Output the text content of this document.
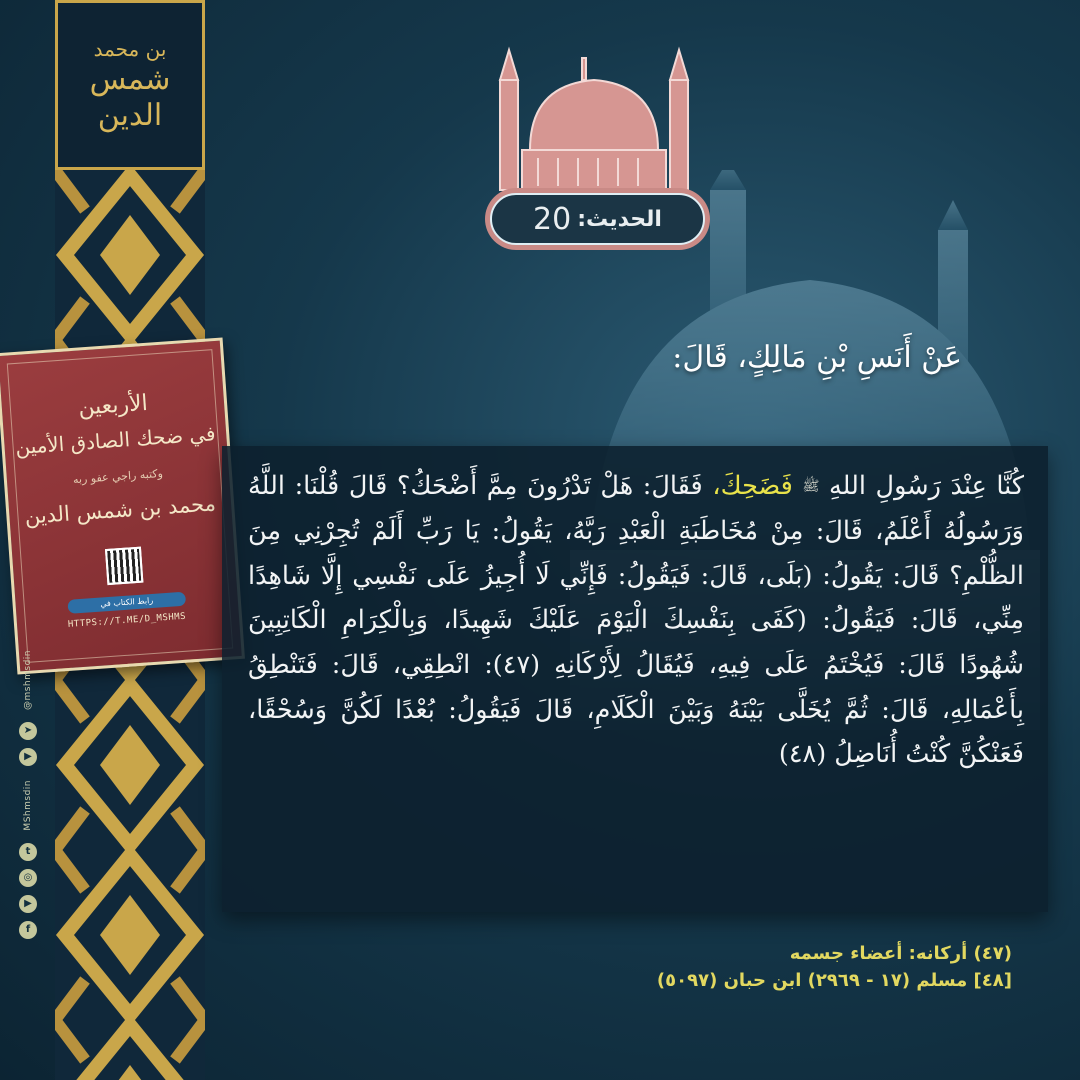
بن محمد
شمس الدين
الأربعين
في ضحك الصادق الأمين
وكتبه راجي عفو ربه
محمد بن شمس الدين
رابط الكتاب في
HTTPS://T.ME/D_MSHMS
@mshmsdin
➤
▶
MShmsdin
t
◎
▶
f
الحديث:
20
عَنْ أَنَسِ بْنِ مَالِكٍ، قَالَ:

كُنَّا عِنْدَ رَسُولِ اللهِ ﷺ فَضَحِكَ، فَقَالَ: هَلْ تَدْرُونَ مِمَّ أَضْحَكُ؟ قَالَ قُلْنَا: اللَّهُ وَرَسُولُهُ أَعْلَمُ، قَالَ: مِنْ مُخَاطَبَةِ الْعَبْدِ رَبَّهُ، يَقُولُ: يَا رَبِّ أَلَمْ تُجِرْنِي مِنَ الظُّلْمِ؟ قَالَ: يَقُولُ: (بَلَى، قَالَ: فَيَقُولُ: فَإِنِّي لَا أُجِيزُ عَلَى نَفْسِي إِلَّا شَاهِدًا مِنِّي، قَالَ: فَيَقُولُ: (كَفَى بِنَفْسِكَ الْيَوْمَ عَلَيْكَ شَهِيدًا، وَبِالْكِرَامِ الْكَاتِبِينَ شُهُودًا قَالَ: فَيُخْتَمُ عَلَى فِيهِ، فَيُقَالُ لِأَرْكَانِهِ (٤٧): انْطِقِي، قَالَ: فَتَنْطِقُ بِأَعْمَالِهِ، قَالَ: ثُمَّ يُخَلَّى بَيْنَهُ وَبَيْنَ الْكَلَامِ، قَالَ فَيَقُولُ: بُعْدًا لَكُنَّ وَسُحْقًا، فَعَنْكُنَّ كُنْتُ أُنَاضِلُ (٤٨)

(٤٧) أركانه: أعضاء جسمه
[٤٨] مسلم (١٧ - ٢٩٦٩) ابن حبان (٥٠٩٧)
